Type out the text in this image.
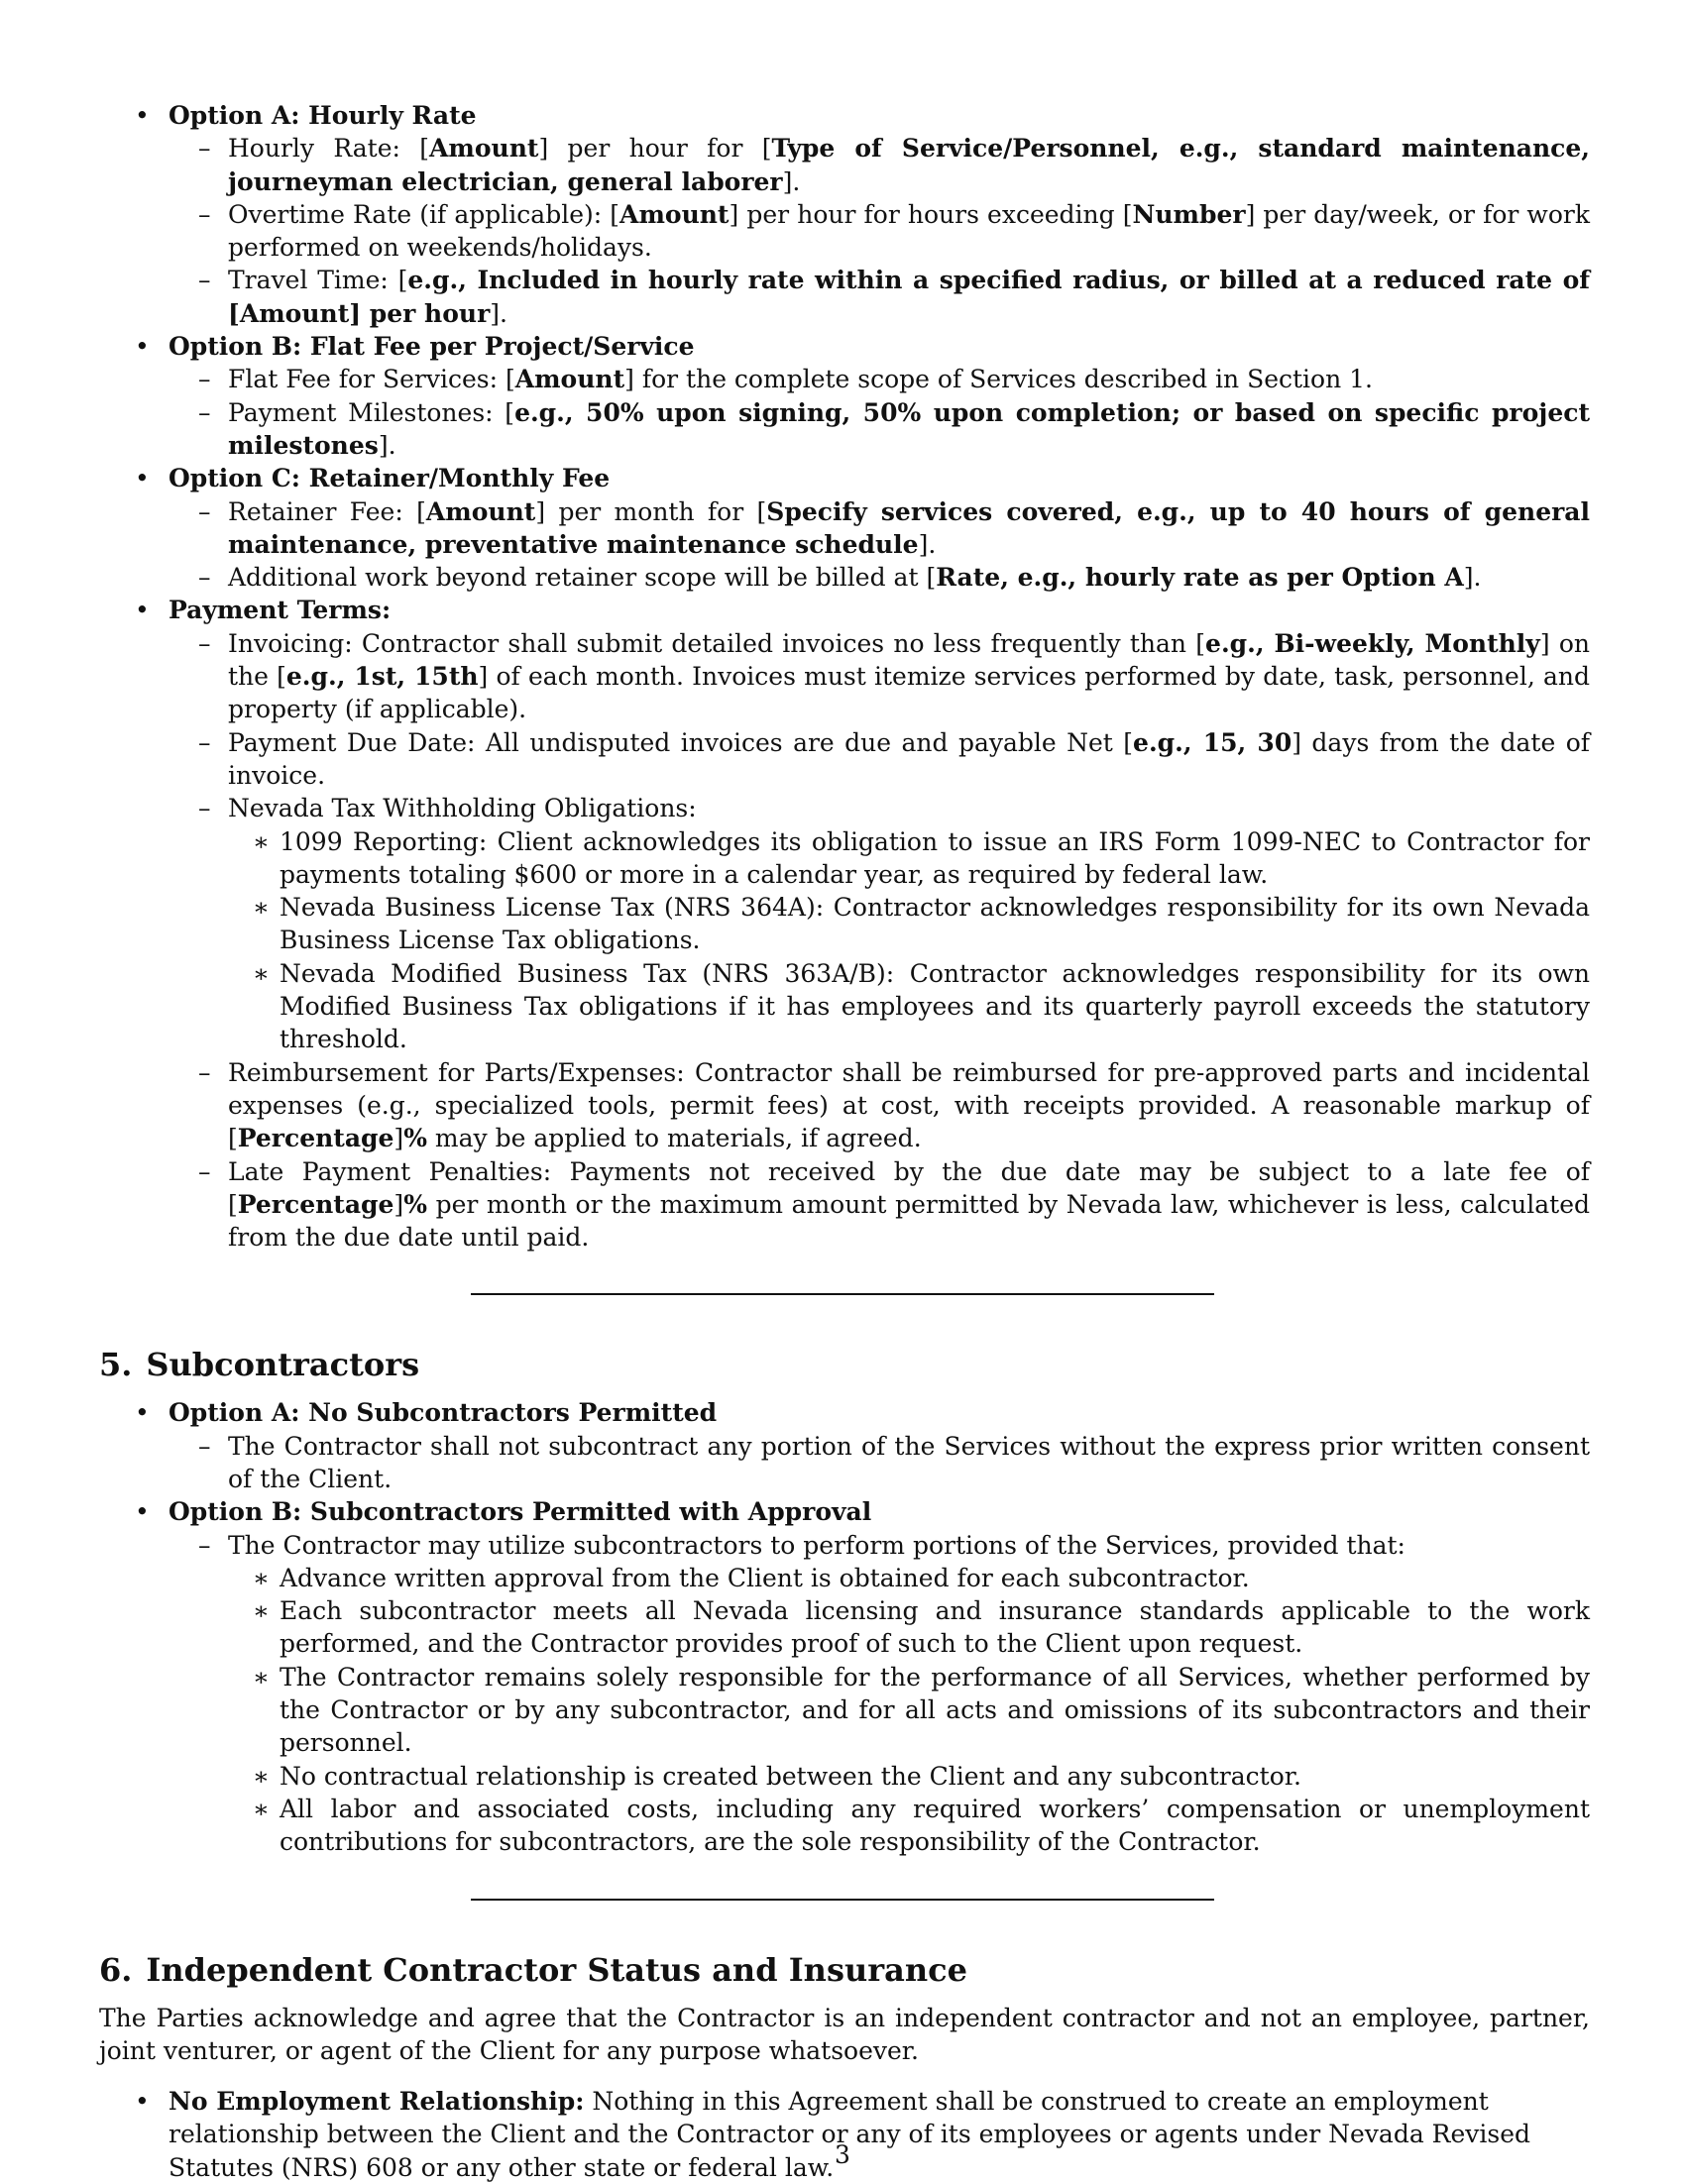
• Option A: Hourly Rate
– Hourly Rate: [Amount] per hour for [Type of Service/Personnel, e.g., standard maintenance, journeyman electrician, general laborer].
– Overtime Rate (if applicable): [Amount] per hour for hours exceeding [Number] per day/week, or for work performed on weekends/holidays.
– Travel Time: [e.g., Included in hourly rate within a specified radius, or billed at a reduced rate of [Amount] per hour].
• Option B: Flat Fee per Project/Service
– Flat Fee for Services: [Amount] for the complete scope of Services described in Section 1.
– Payment Milestones: [e.g., 50% upon signing, 50% upon completion; or based on specific project milestones].
• Option C: Retainer/Monthly Fee
– Retainer Fee: [Amount] per month for [Specify services covered, e.g., up to 40 hours of general maintenance, preventative maintenance schedule].
– Additional work beyond retainer scope will be billed at [Rate, e.g., hourly rate as per Option A].
• Payment Terms:
– Invoicing: Contractor shall submit detailed invoices no less frequently than [e.g., Bi-weekly, Monthly] on the [e.g., 1st, 15th] of each month. Invoices must itemize services performed by date, task, personnel, and property (if applicable).
– Payment Due Date: All undisputed invoices are due and payable Net [e.g., 15, 30] days from the date of invoice.
– Nevada Tax Withholding Obligations:
∗ 1099 Reporting: Client acknowledges its obligation to issue an IRS Form 1099-NEC to Contractor for payments totaling $600 or more in a calendar year, as required by federal law.
∗ Nevada Business License Tax (NRS 364A): Contractor acknowledges responsibility for its own Nevada Business License Tax obligations.
∗ Nevada Modified Business Tax (NRS 363A/B): Contractor acknowledges responsibility for its own Modified Business Tax obligations if it has employees and its quarterly payroll exceeds the statutory threshold.
– Reimbursement for Parts/Expenses: Contractor shall be reimbursed for pre-approved parts and incidental expenses (e.g., specialized tools, permit fees) at cost, with receipts provided. A reasonable markup of [Percentage]% may be applied to materials, if agreed.
– Late Payment Penalties: Payments not received by the due date may be subject to a late fee of [Percentage]% per month or the maximum amount permitted by Nevada law, whichever is less, calculated from the due date until paid.
5. Subcontractors
• Option A: No Subcontractors Permitted
– The Contractor shall not subcontract any portion of the Services without the express prior written consent of the Client.
• Option B: Subcontractors Permitted with Approval
– The Contractor may utilize subcontractors to perform portions of the Services, provided that:
∗ Advance written approval from the Client is obtained for each subcontractor.
∗ Each subcontractor meets all Nevada licensing and insurance standards applicable to the work performed, and the Contractor provides proof of such to the Client upon request.
∗ The Contractor remains solely responsible for the performance of all Services, whether performed by the Contractor or by any subcontractor, and for all acts and omissions of its subcontractors and their personnel.
∗ No contractual relationship is created between the Client and any subcontractor.
∗ All labor and associated costs, including any required workers’ compensation or unemployment contributions for subcontractors, are the sole responsibility of the Contractor.
6. Independent Contractor Status and Insurance

The Parties acknowledge and agree that the Contractor is an independent contractor and not an employee, partner, joint venturer, or agent of the Client for any purpose whatsoever.

• No Employment Relationship: Nothing in this Agreement shall be construed to create an employment relationship between the Client and the Contractor or any of its employees or agents under Nevada Revised Statutes (NRS) 608 or any other state or federal law. 3
